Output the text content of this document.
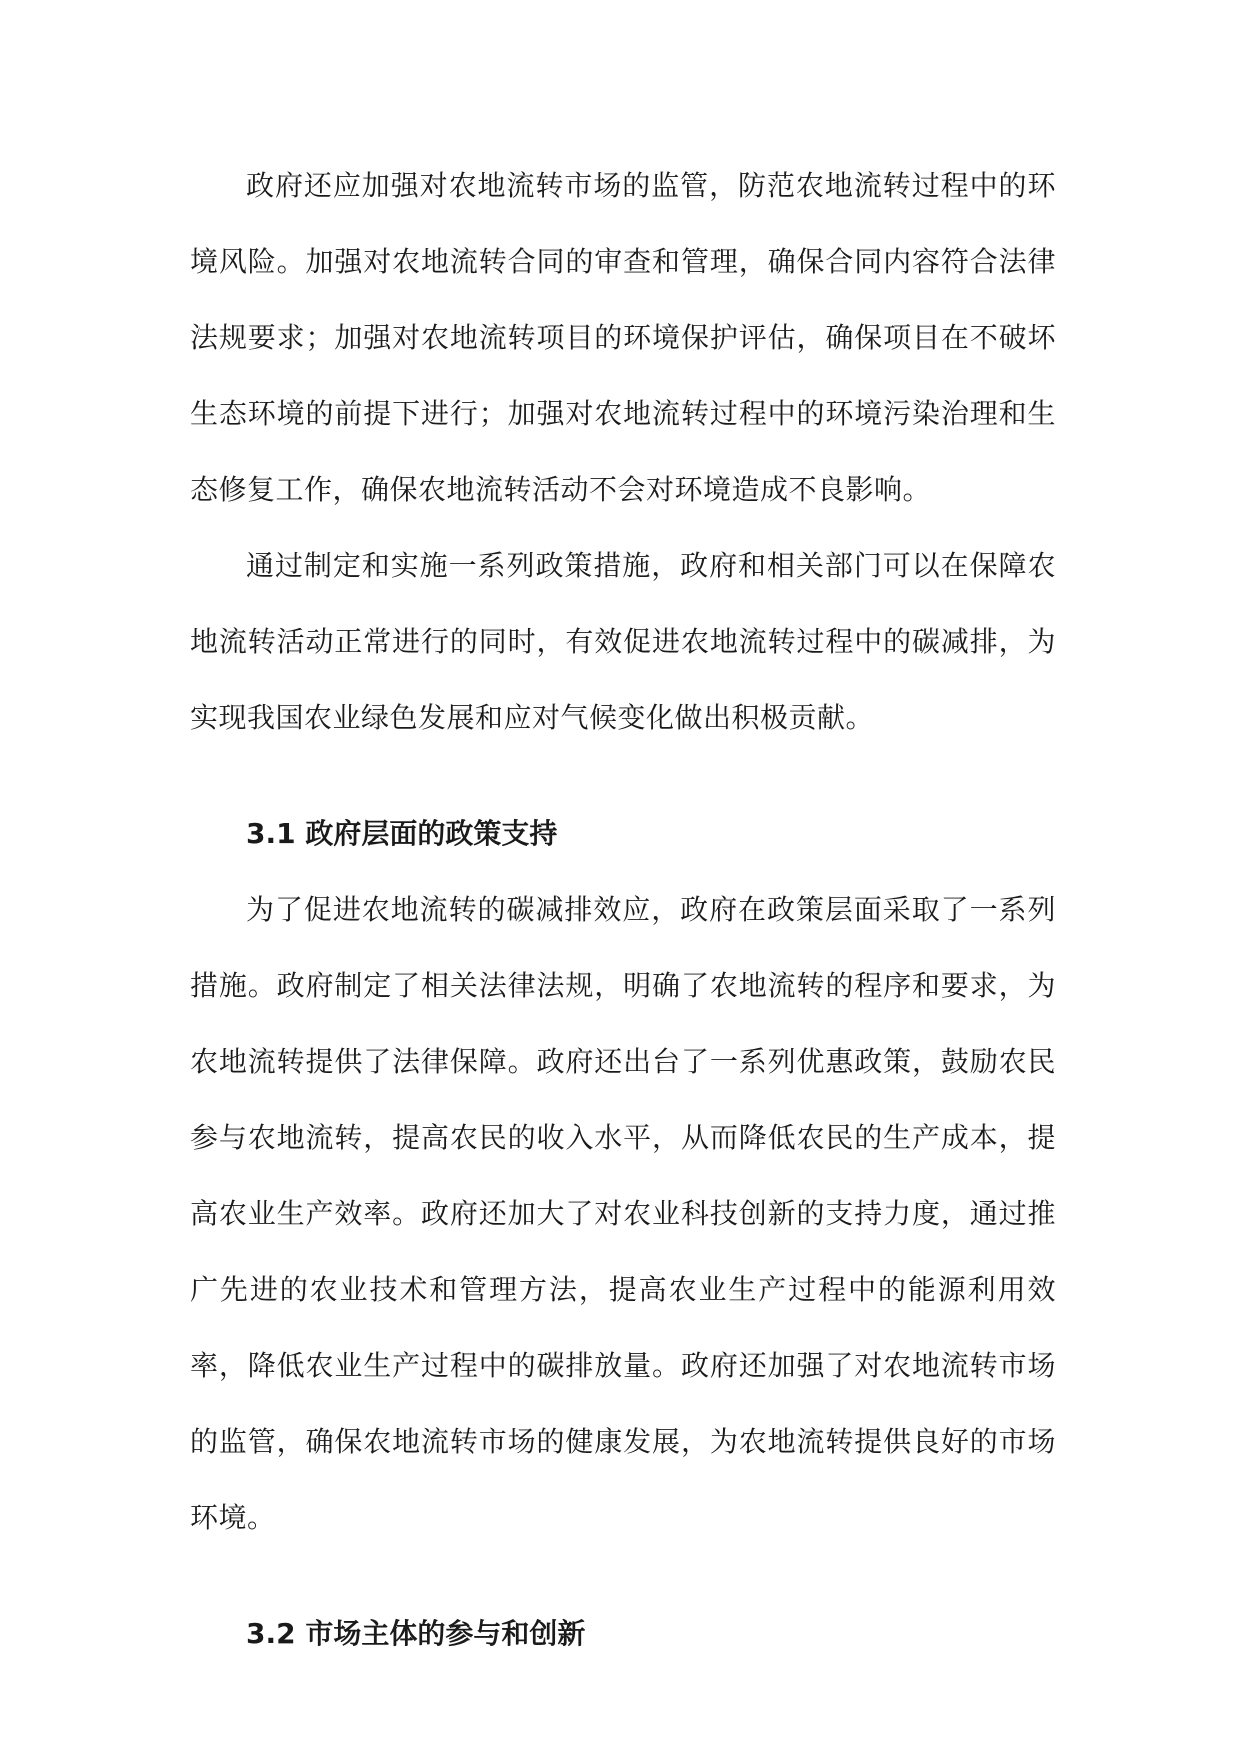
政府还应加强对农地流转市场的监管，防范农地流转过程中的环境风险。加强对农地流转合同的审查和管理，确保合同内容符合法律法规要求；加强对农地流转项目的环境保护评估，确保项目在不破坏生态环境的前提下进行；加强对农地流转过程中的环境污染治理和生态修复工作，确保农地流转活动不会对环境造成不良影响。

通过制定和实施一系列政策措施，政府和相关部门可以在保障农地流转活动正常进行的同时，有效促进农地流转过程中的碳减排，为实现我国农业绿色发展和应对气候变化做出积极贡献。

3.1 政府层面的政策支持

为了促进农地流转的碳减排效应，政府在政策层面采取了一系列措施。政府制定了相关法律法规，明确了农地流转的程序和要求，为农地流转提供了法律保障。政府还出台了一系列优惠政策，鼓励农民参与农地流转，提高农民的收入水平，从而降低农民的生产成本，提高农业生产效率。政府还加大了对农业科技创新的支持力度，通过推广先进的农业技术和管理方法，提高农业生产过程中的能源利用效率，降低农业生产过程中的碳排放量。政府还加强了对农地流转市场的监管，确保农地流转市场的健康发展，为农地流转提供良好的市场环境。

3.2 市场主体的参与和创新
